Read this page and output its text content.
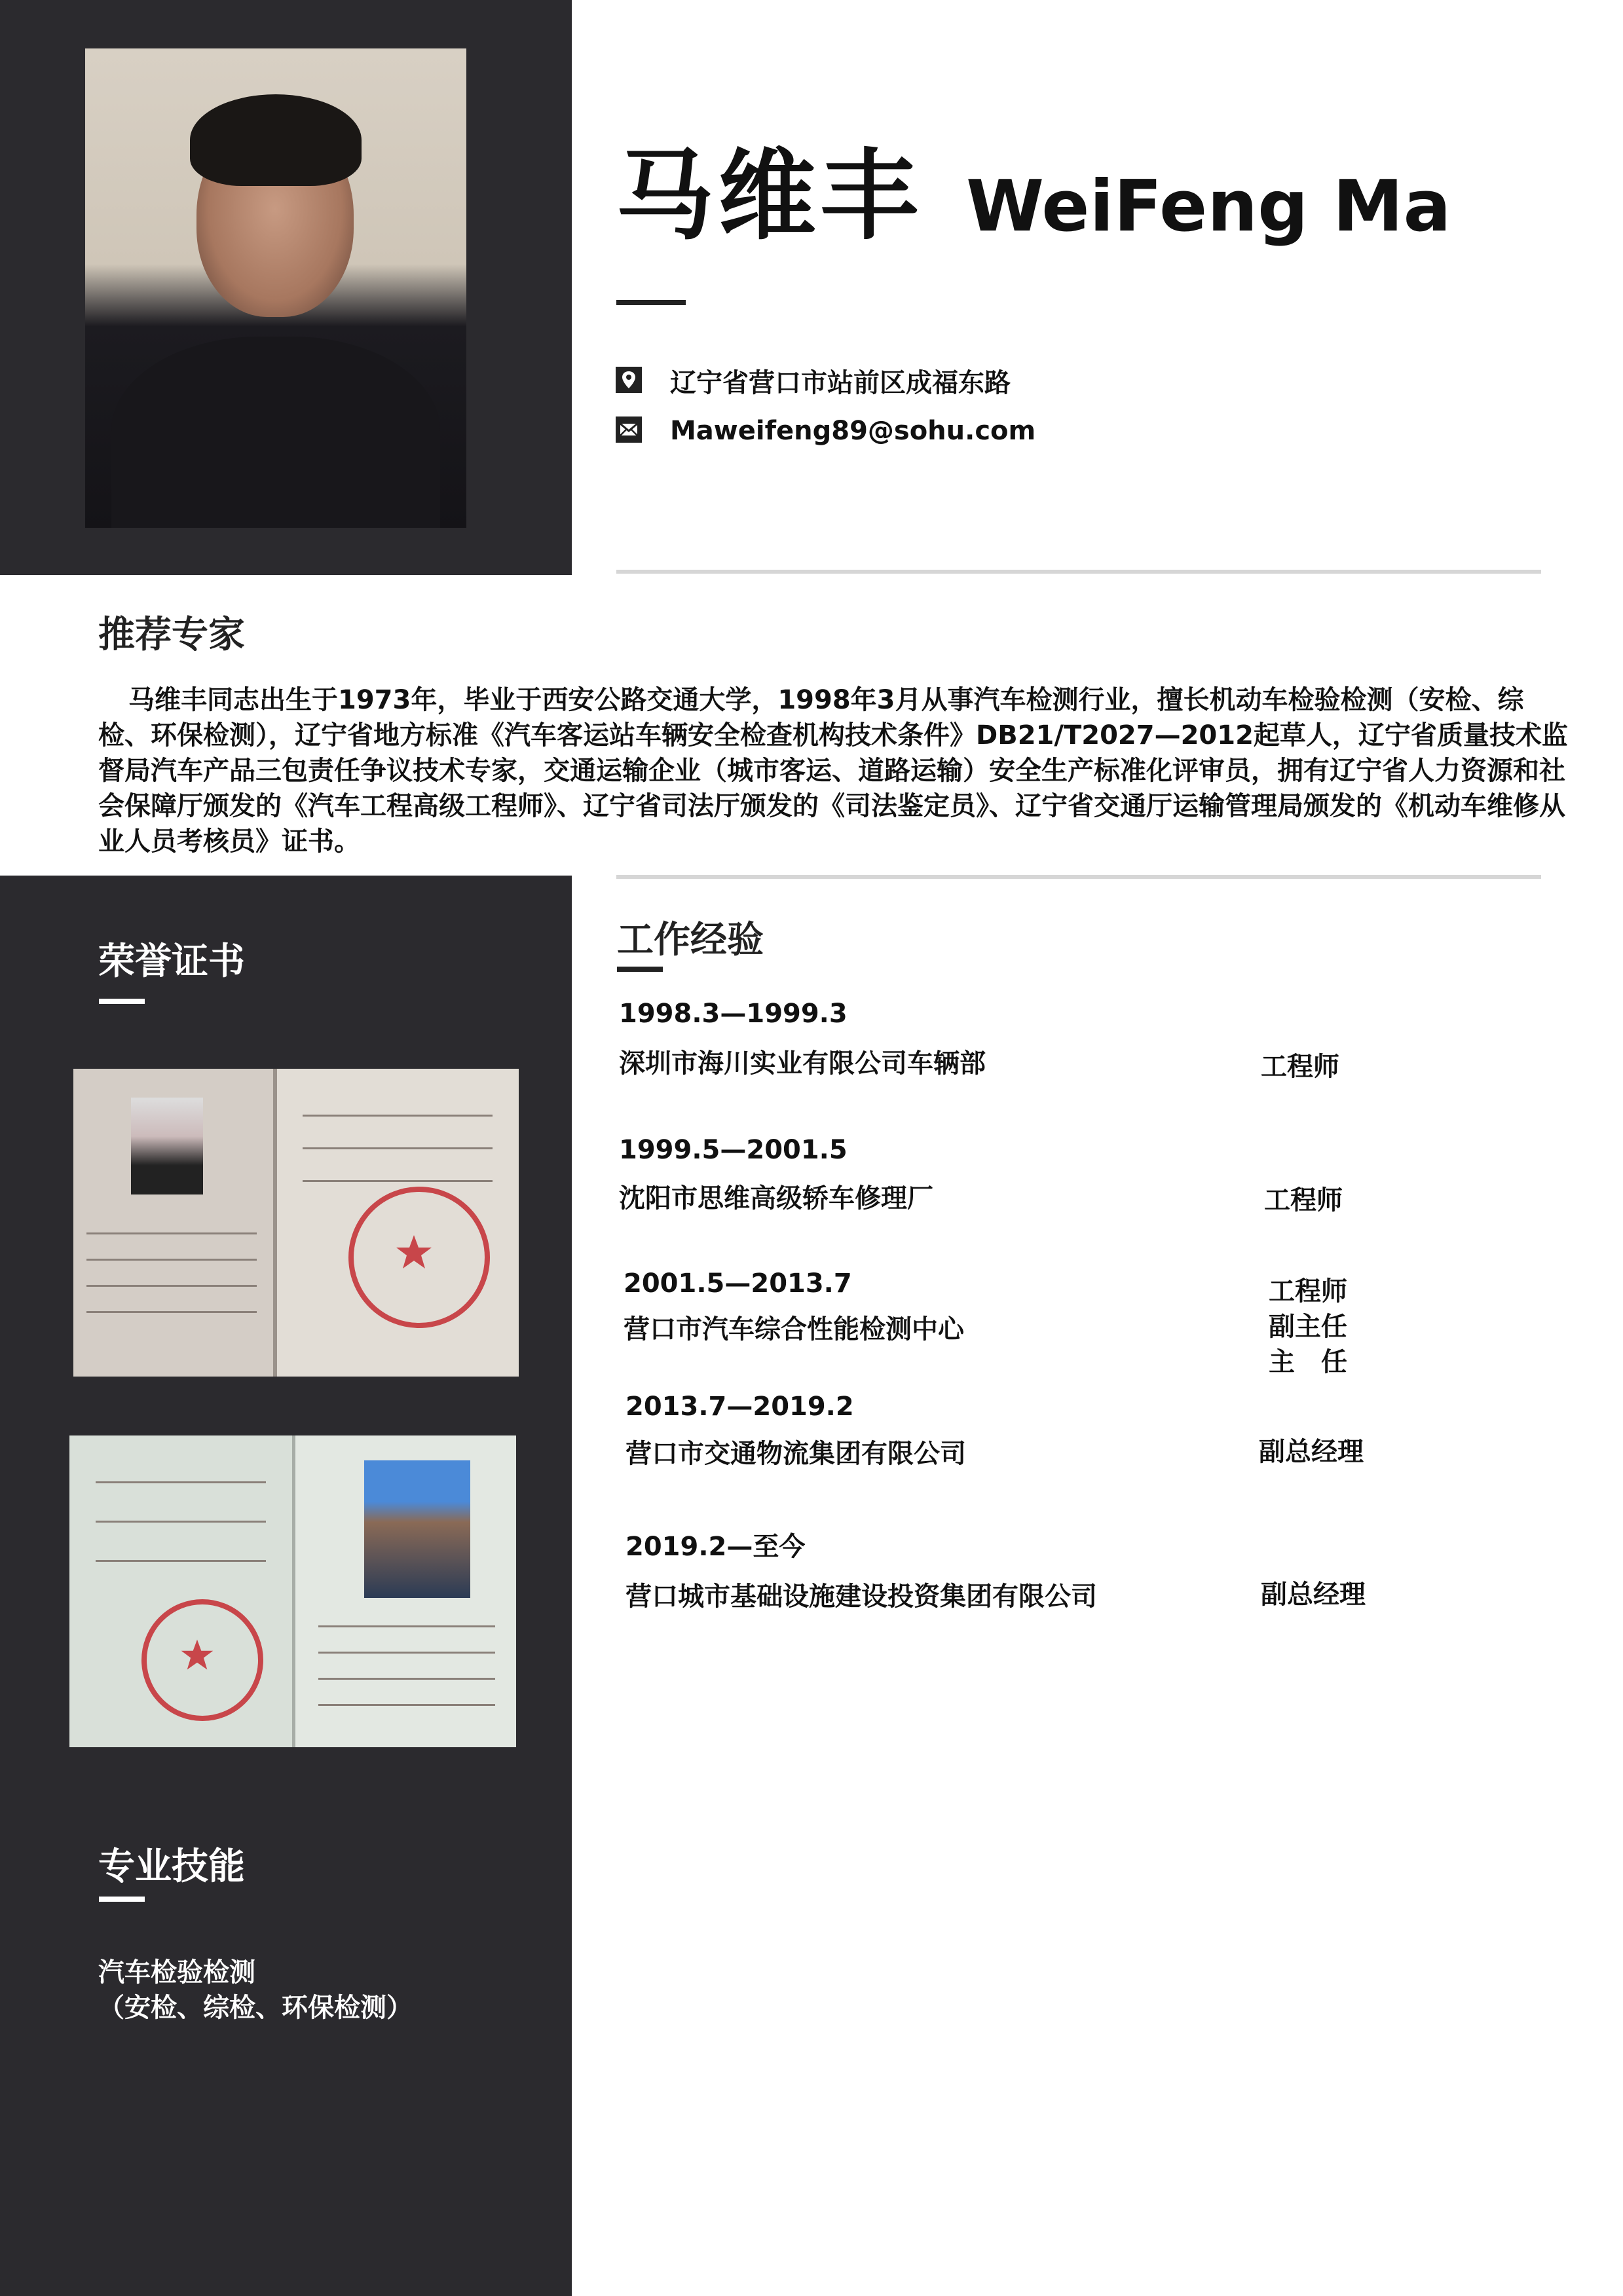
马维丰 WeiFeng Ma
辽宁省营口市站前区成福东路
Maweifeng89@sohu.com
推荐专家
马维丰同志出生于1973年，毕业于西安公路交通大学，1998年3月从事汽车检测行业，擅长机动车检验检测（安检、综检、环保检测），辽宁省地方标准《汽车客运站车辆安全检查机构技术条件》DB21/T2027—2012起草人，辽宁省质量技术监督局汽车产品三包责任争议技术专家，交通运输企业（城市客运、道路运输）安全生产标准化评审员，拥有辽宁省人力资源和社会保障厅颁发的《汽车工程高级工程师》、辽宁省司法厅颁发的《司法鉴定员》、辽宁省交通厅运输管理局颁发的《机动车维修从业人员考核员》证书。
荣誉证书
专业技能
汽车检验检测
（安检、综检、环保检测）
工作经验
1998.3—1999.3
深圳市海川实业有限公司车辆部	工程师
1999.5—2001.5
沈阳市思维高级轿车修理厂	工程师
2001.5—2013.7
营口市汽车综合性能检测中心
工程师
副主任
主　任
2013.7—2019.2
营口市交通物流集团有限公司	副总经理
2019.2—至今
营口城市基础设施建设投资集团有限公司	副总经理
